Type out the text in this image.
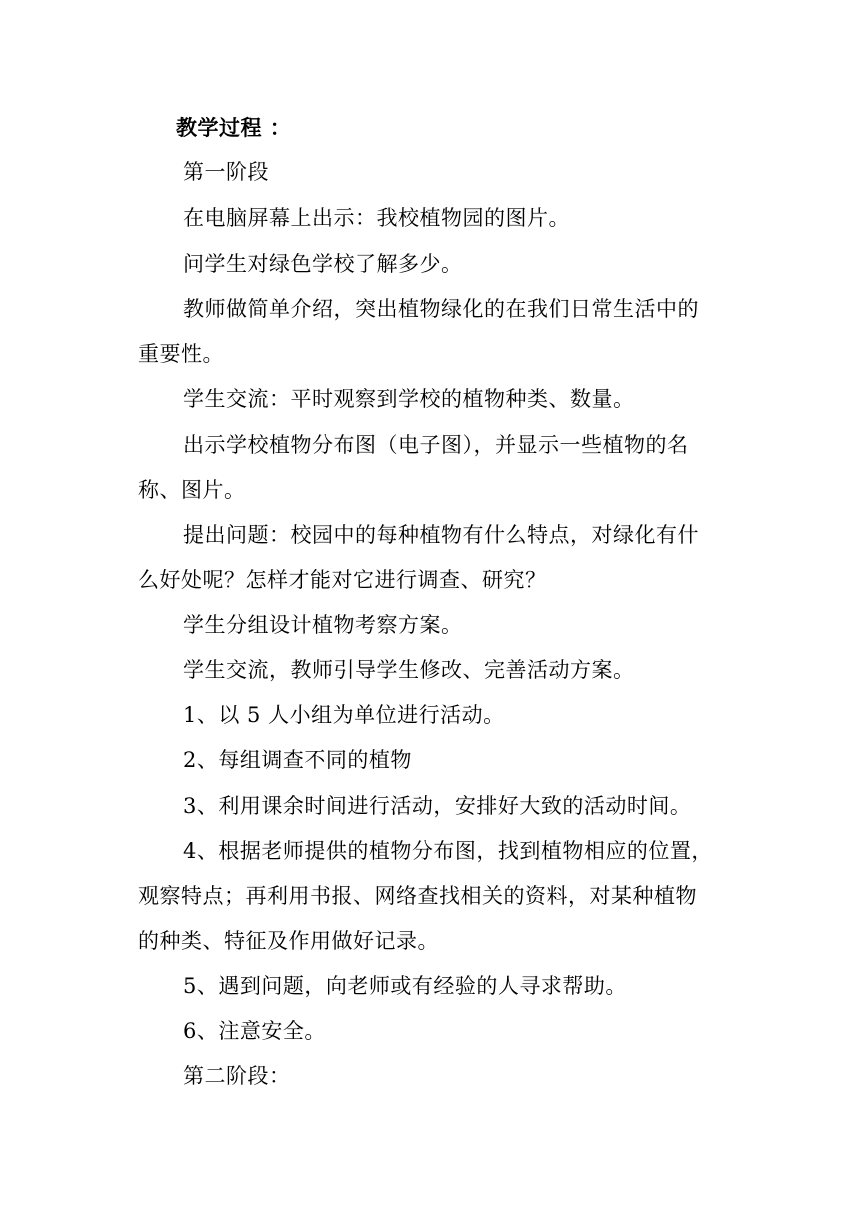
教学过程 ：
第一阶段
在电脑屏幕上出示：我校植物园的图片。
问学生对绿色学校了解多少。
教师做简单介绍，突出植物绿化的在我们日常生活中的
重要性。
学生交流：平时观察到学校的植物种类、数量。
出示学校植物分布图（电子图），并显示一些植物的名
称、图片。
提出问题：校园中的每种植物有什么特点，对绿化有什
么好处呢？怎样才能对它进行调查、研究？
学生分组设计植物考察方案。
学生交流，教师引导学生修改、完善活动方案。
1、以 5 人小组为单位进行活动。
2、每组调查不同的植物
3、利用课余时间进行活动，安排好大致的活动时间。
4、根据老师提供的植物分布图，找到植物相应的位置，
观察特点；再利用书报、网络查找相关的资料，对某种植物
的种类、特征及作用做好记录。
5、遇到问题，向老师或有经验的人寻求帮助。
6、注意安全。
第二阶段：
